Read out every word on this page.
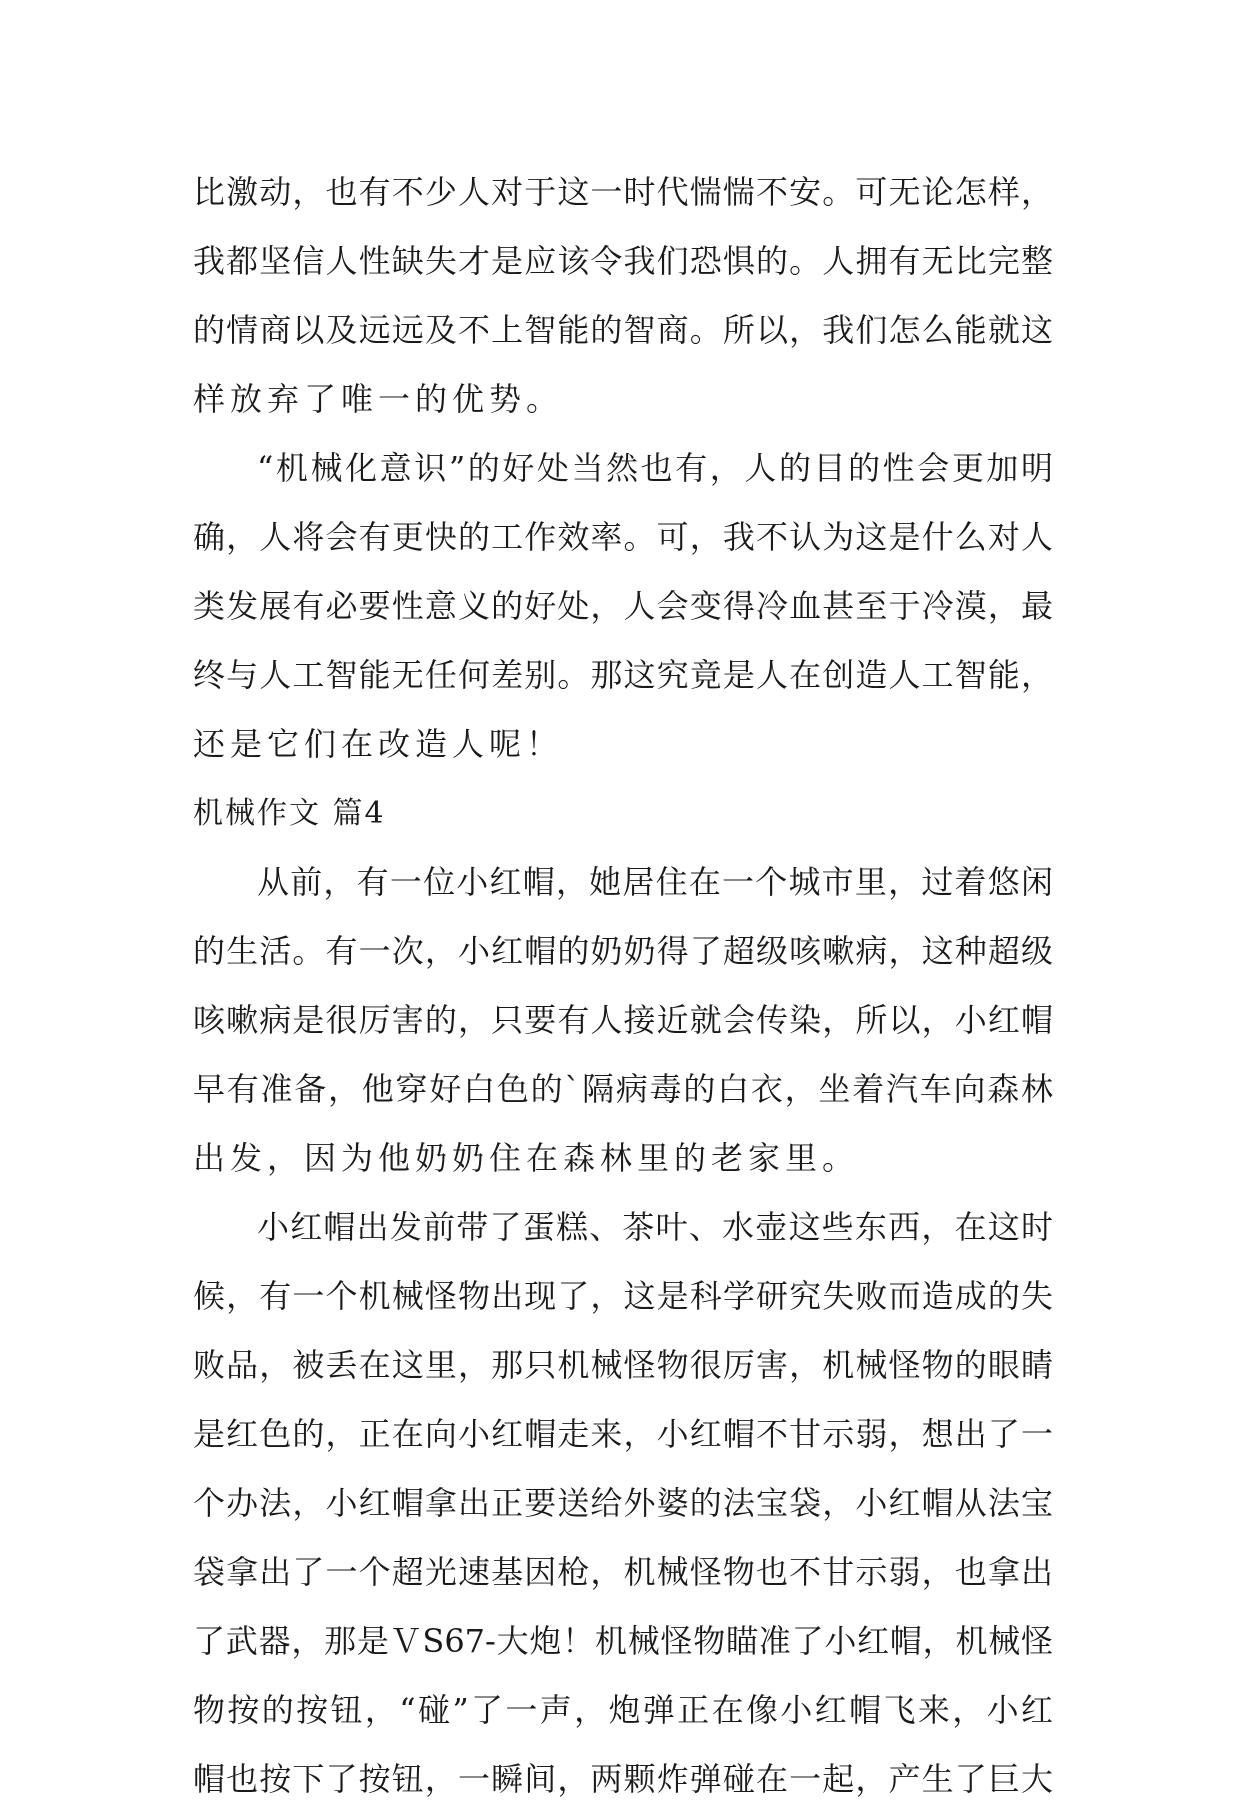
比激动，也有不少人对于这一时代惴惴不安。可无论怎样，
我都坚信人性缺失才是应该令我们恐惧的。人拥有无比完整
的情商以及远远及不上智能的智商。所以，我们怎么能就这
样放弃了唯一的优势。
“机械化意识”的好处当然也有，人的目的性会更加明
确，人将会有更快的工作效率。可，我不认为这是什么对人
类发展有必要性意义的好处，人会变得冷血甚至于冷漠，最
终与人工智能无任何差别。那这究竟是人在创造人工智能，
还是它们在改造人呢！
机械作文 篇4
从前，有一位小红帽，她居住在一个城市里，过着悠闲
的生活。有一次，小红帽的奶奶得了超级咳嗽病，这种超级
咳嗽病是很厉害的，只要有人接近就会传染，所以，小红帽
早有准备，他穿好白色的`隔病毒的白衣，坐着汽车向森林
出发，因为他奶奶住在森林里的老家里。
小红帽出发前带了蛋糕、茶叶、水壶这些东西，在这时
候，有一个机械怪物出现了，这是科学研究失败而造成的失
败品，被丢在这里，那只机械怪物很厉害，机械怪物的眼睛
是红色的，正在向小红帽走来，小红帽不甘示弱，想出了一
个办法，小红帽拿出正要送给外婆的法宝袋，小红帽从法宝
袋拿出了一个超光速基因枪，机械怪物也不甘示弱，也拿出
了武器，那是ＶS67-大炮！机械怪物瞄准了小红帽，机械怪
物按的按钮，“碰”了一声，炮弹正在像小红帽飞来，小红
帽也按下了按钮，一瞬间，两颗炸弹碰在一起，产生了巨大
